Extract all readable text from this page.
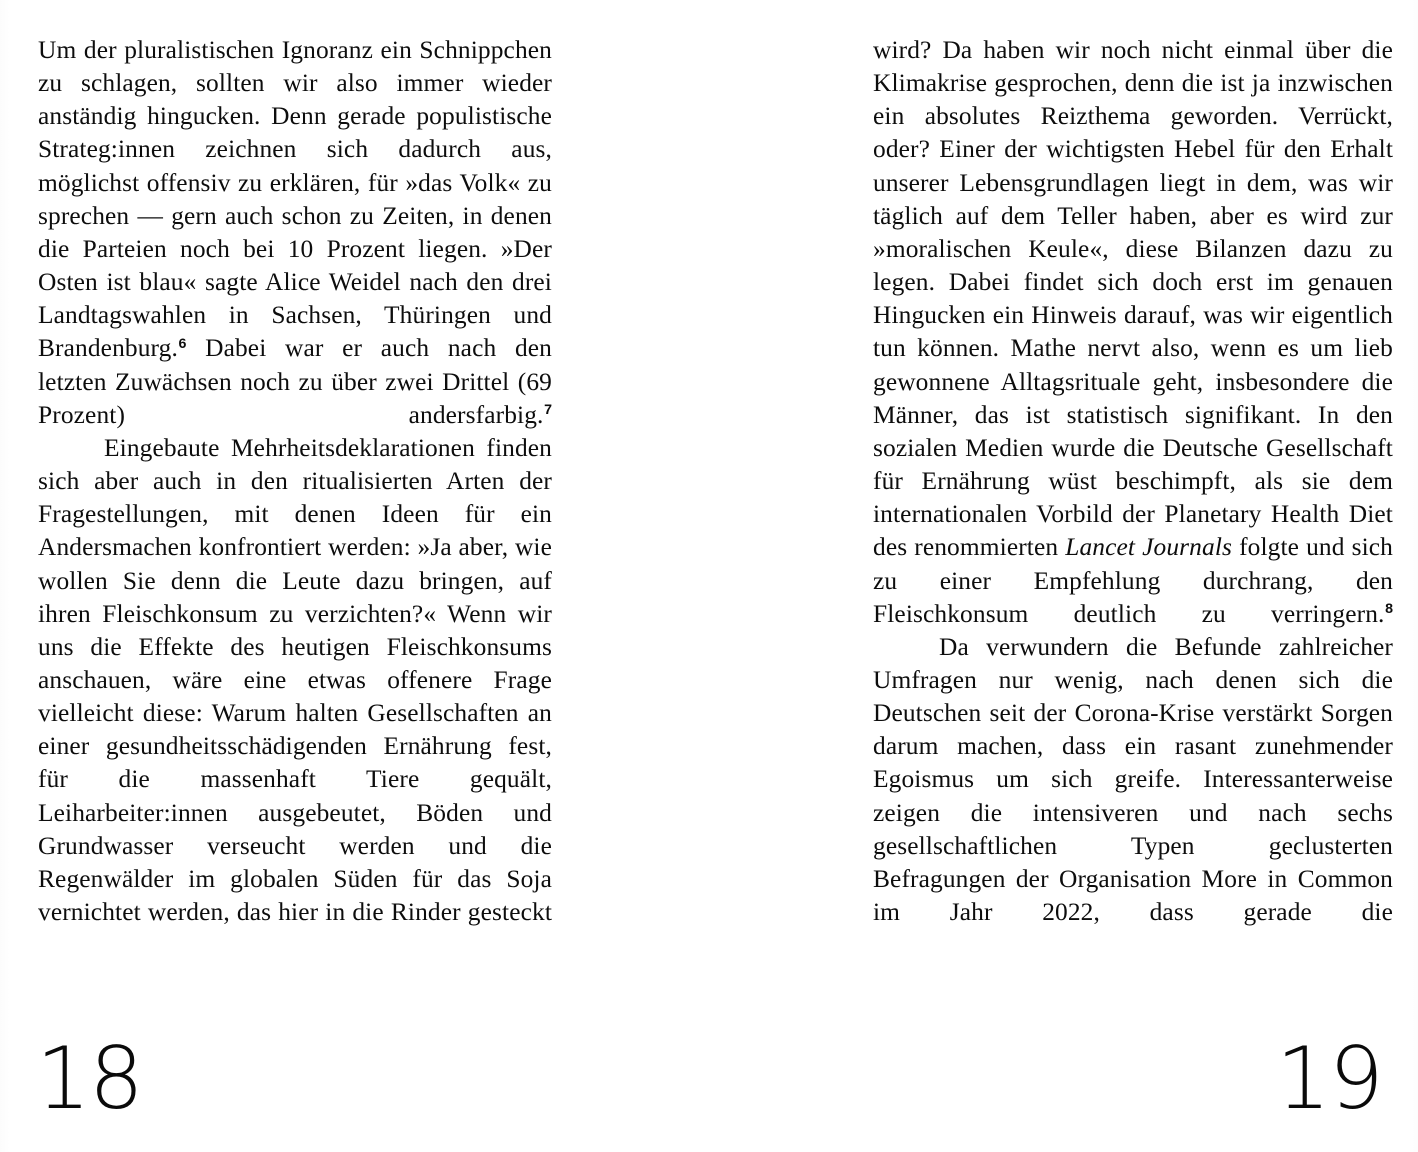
Um der pluralistischen Ignoranz ein Schnippchen zu schlagen, sollten wir also immer wieder anständig hingucken. Denn gerade populistische Strateg:innen zeichnen sich dadurch aus, möglichst offensiv zu erklären, für »das Volk« zu sprechen — gern auch schon zu Zeiten, in denen die Parteien noch bei 10 Prozent liegen. »Der Osten ist blau« sagte Alice Weidel nach den drei Landtagswahlen in Sachsen, Thüringen und Brandenburg.$^6$ Dabei war er auch nach den letzten Zuwächsen noch zu über zwei Drittel (69 Prozent) andersfarbig.$^7$

Eingebaute Mehrheitsdeklarationen finden sich aber auch in den ritualisierten Arten der Fragestellungen, mit denen Ideen für ein Andersmachen konfrontiert werden: »Ja aber, wie wollen Sie denn die Leute dazu bringen, auf ihren Fleischkonsum zu verzichten?« Wenn wir uns die Effekte des heutigen Fleischkonsums anschauen, wäre eine etwas offenere Frage vielleicht diese: Warum halten Gesellschaften an einer gesundheitsschädigenden Ernährung fest, für die massenhaft Tiere gequält, Leiharbeiter:innen ausgebeutet, Böden und Grundwasser verseucht werden und die Regenwälder im globalen Süden für das Soja vernichtet werden, das hier in die Rinder gesteckt

18

wird? Da haben wir noch nicht einmal über die Klimakrise gesprochen, denn die ist ja inzwischen ein absolutes Reizthema geworden. Verrückt, oder? Einer der wichtigsten Hebel für den Erhalt unserer Lebensgrundlagen liegt in dem, was wir täglich auf dem Teller haben, aber es wird zur »moralischen Keule«, diese Bilanzen dazu zu legen. Dabei findet sich doch erst im genauen Hingucken ein Hinweis darauf, was wir eigentlich tun können. Mathe nervt also, wenn es um lieb gewonnene Alltagsrituale geht, insbesondere die Männer, das ist statistisch signifikant. In den sozialen Medien wurde die Deutsche Gesellschaft für Ernährung wüst beschimpft, als sie dem internationalen Vorbild der Planetary Health Diet des renommierten Lancet Journals folgte und sich zu einer Empfehlung durchrang, den Fleischkonsum deutlich zu verringern.$^8$

Da verwundern die Befunde zahlreicher Umfragen nur wenig, nach denen sich die Deutschen seit der Corona-Krise verstärkt Sorgen darum machen, dass ein rasant zunehmender Egoismus um sich greife. Interessanterweise zeigen die intensiveren und nach sechs gesellschaftlichen Typen geclusterten Befragungen der Organisation More in Common im Jahr 2022, dass gerade die

19
